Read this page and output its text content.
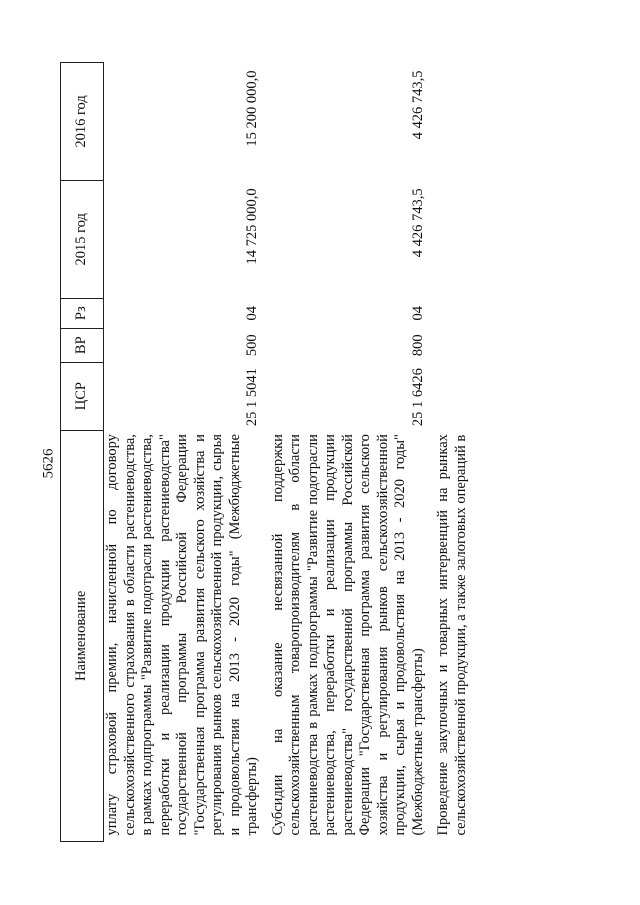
5626
Наименование	ЦСР	ВР	Рз	2015 год	2016 год
уплату страховой премии, начисленной по договору сельскохозяйственного страхования в области растениеводства, в рамках подпрограммы "Развитие подотрасли растениеводства, переработки и реализации продукции растениеводства" государственной программы Российской Федерации "Государственная программа развития сельского хозяйства и регулирования рынков сельскохозяйственной продукции, сырья и продовольствия на 2013 - 2020 годы" (Межбюджетные трансферты)	25 1 5041	500	04	14 725 000,0	15 200 000,0
Субсидии на оказание несвязанной поддержки сельскохозяйственным товаропроизводителям в области растениеводства в рамках подпрограммы "Развитие подотрасли растениеводства, переработки и реализации продукции растениеводства" государственной программы Российской Федерации "Государственная программа развития сельского хозяйства и регулирования рынков сельскохозяйственной продукции, сырья и продовольствия на 2013 - 2020 годы" (Межбюджетные трансферты)	25 1 6426	800	04	4 426 743,5	4 426 743,5

Проведение закупочных и товарных интервенций на рынках сельскохозяйственной продукции, а также залоговых операций в					
